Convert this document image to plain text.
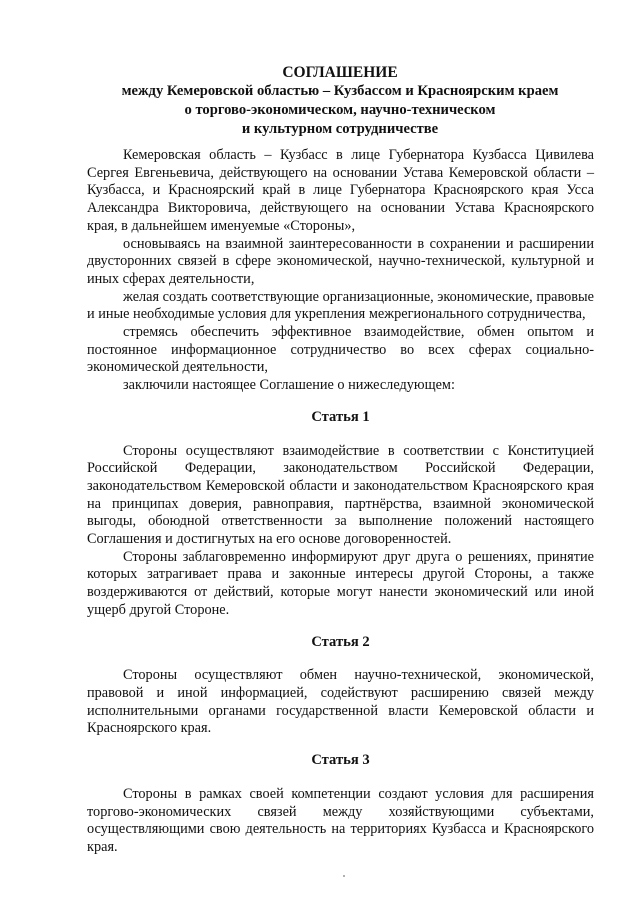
СОГЛАШЕНИЕ
между Кемеровской областью – Кузбассом и Красноярским краем
о торгово-экономическом, научно-техническом
и культурном сотрудничестве

Кемеровская область – Кузбасс в лице Губернатора Кузбасса Цивилева Сергея Евгеньевича, действующего на основании Устава Кемеровской области – Кузбасса, и Красноярский край в лице Губернатора Красноярского края Усса Александра Викторовича, действующего на основании Устава Красноярского края, в дальнейшем именуемые «Стороны»,

основываясь на взаимной заинтересованности в сохранении и расширении двусторонних связей в сфере экономической, научно-технической, культурной и иных сферах деятельности,

желая создать соответствующие организационные, экономические, правовые и иные необходимые условия для укрепления межрегионального сотрудничества,

стремясь обеспечить эффективное взаимодействие, обмен опытом и постоянное информационное сотрудничество во всех сферах социально-экономической деятельности,

заключили настоящее Соглашение о нижеследующем:

Статья 1

Стороны осуществляют взаимодействие в соответствии с Конституцией Российской Федерации, законодательством Российской Федерации, законодательством Кемеровской области и законодательством Красноярского края на принципах доверия, равноправия, партнёрства, взаимной экономической выгоды, обоюдной ответственности за выполнение положений настоящего Соглашения и достигнутых на его основе договоренностей.

Стороны заблаговременно информируют друг друга о решениях, принятие которых затрагивает права и законные интересы другой Стороны, а также воздерживаются от действий, которые могут нанести экономический или иной ущерб другой Стороне.

Статья 2

Стороны осуществляют обмен научно-технической, экономической, правовой и иной информацией, содействуют расширению связей между исполнительными органами государственной власти Кемеровской области и Красноярского края.

Статья 3

Стороны в рамках своей компетенции создают условия для расширения торгово-экономических связей между хозяйствующими субъектами, осуществляющими свою деятельность на территориях Кузбасса и Красноярского края.
